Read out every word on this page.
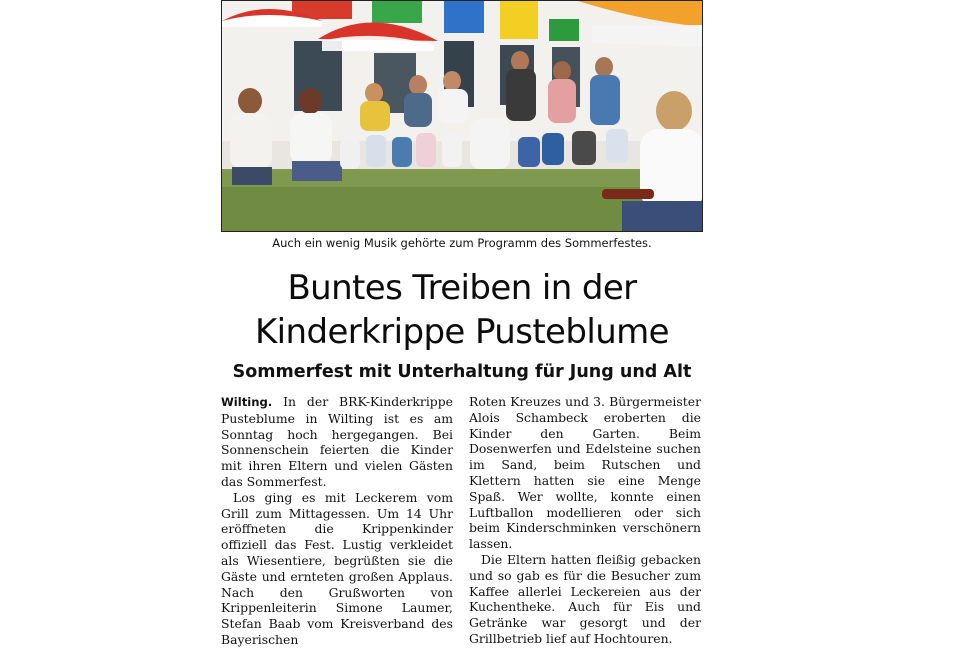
Auch ein wenig Musik gehörte zum Programm des Sommerfestes.
Buntes Treiben in der
Kinderkrippe Pusteblume
Sommerfest mit Unterhaltung für Jung und Alt

Wilting. In der BRK-Kinderkrippe Pusteblume in Wilting ist es am Sonntag hoch hergegangen. Bei Sonnenschein feierten die Kinder mit ihren Eltern und vielen Gästen das Sommerfest.

Los ging es mit Leckerem vom Grill zum Mittagessen. Um 14 Uhr eröffneten die Krippenkinder offiziell das Fest. Lustig verkleidet als Wiesentiere, begrüßten sie die Gäste und ernteten großen Applaus. Nach den Grußworten von Krippenleiterin Simone Laumer, Stefan Baab vom Kreisverband des Bayerischen

Roten Kreuzes und 3. Bürgermeister Alois Schambeck eroberten die Kinder den Garten. Beim Dosenwerfen und Edelsteine suchen im Sand, beim Rutschen und Klettern hatten sie eine Menge Spaß. Wer wollte, konnte einen Luftballon modellieren oder sich beim Kinderschminken verschönern lassen.

Die Eltern hatten fleißig gebacken und so gab es für die Besucher zum Kaffee allerlei Leckereien aus der Kuchentheke. Auch für Eis und Getränke war gesorgt und der Grillbetrieb lief auf Hochtouren.
